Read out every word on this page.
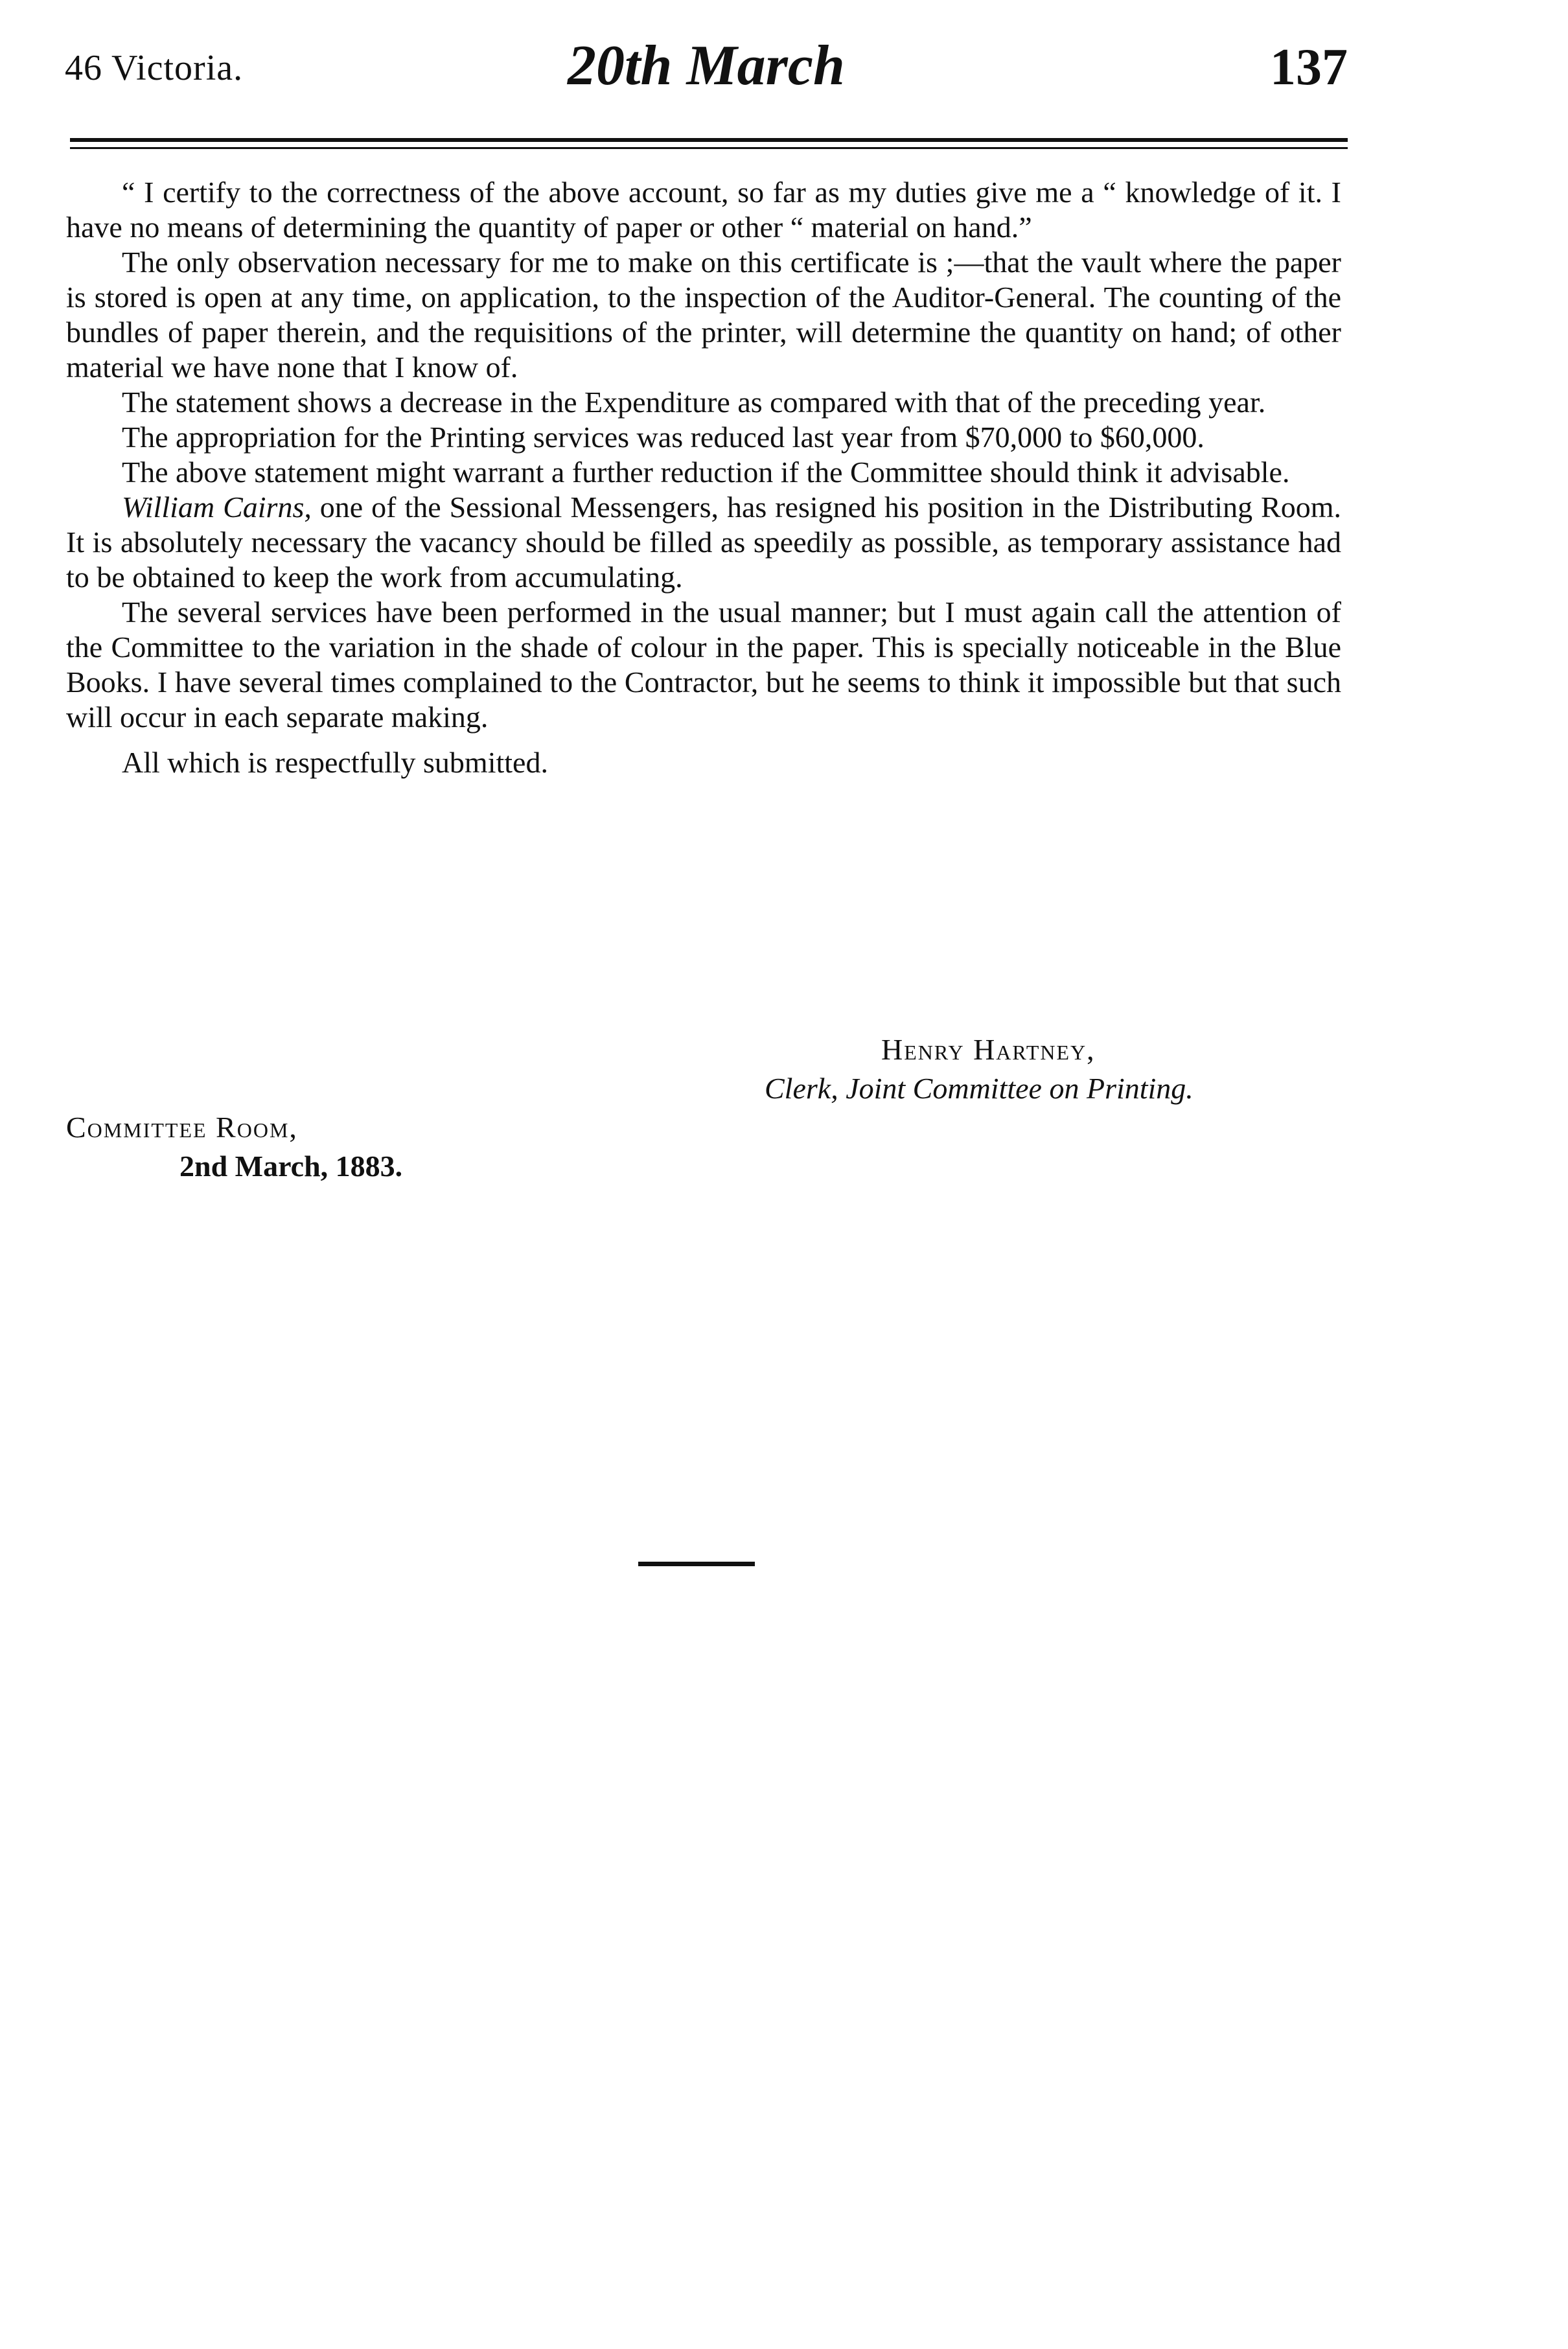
46 Victoria.	20th March	137

“ I certify to the correctness of the above account, so far as my duties give me a “ knowledge of it. I have no means of determining the quantity of paper or other “ material on hand.”

The only observation necessary for me to make on this certificate is ;—that the vault where the paper is stored is open at any time, on application, to the inspection of the Auditor-General. The counting of the bundles of paper therein, and the requisitions of the printer, will determine the quantity on hand; of other material we have none that I know of.

The statement shows a decrease in the Expenditure as compared with that of the preceding year.

The appropriation for the Printing services was reduced last year from $70,000 to $60,000.

The above statement might warrant a further reduction if the Committee should think it advisable.

William Cairns, one of the Sessional Messengers, has resigned his position in the Distributing Room. It is absolutely necessary the vacancy should be filled as speedily as possible, as temporary assistance had to be obtained to keep the work from accumulating.

The several services have been performed in the usual manner; but I must again call the attention of the Committee to the variation in the shade of colour in the paper. This is specially noticeable in the Blue Books. I have several times complained to the Contractor, but he seems to think it impossible but that such will occur in each separate making.

All which is respectfully submitted.

Henry Hartney,
Clerk, Joint Committee on Printing.
Committee Room,
2nd March, 1883.
